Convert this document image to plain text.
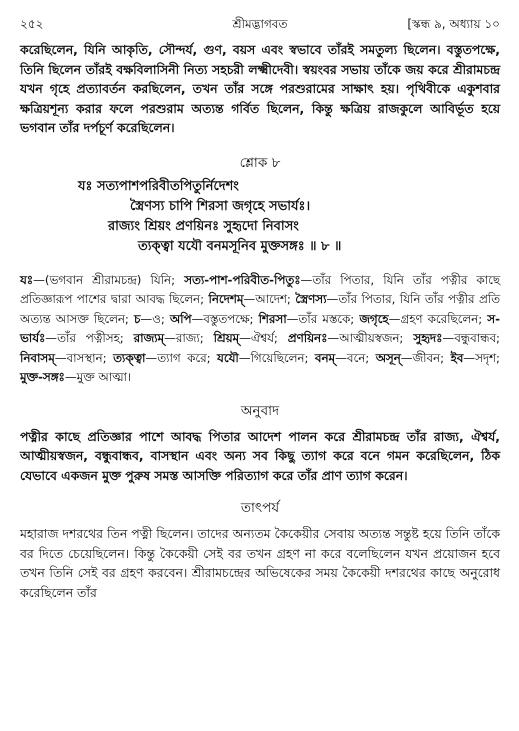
২৫২	শ্রীমদ্ভাগবত	[স্কন্ধ ৯, অধ্যায় ১০

করেছিলেন, যিনি আকৃতি, সৌন্দর্য, গুণ, বয়স এবং স্বভাবে তাঁরই সমতুল্য ছিলেন। বস্তুতপক্ষে, তিনি ছিলেন তাঁরই বক্ষবিলাসিনী নিত্য সহচরী লক্ষ্মীদেবী। স্বয়ংবর সভায় তাঁকে জয় করে শ্রীরামচন্দ্র যখন গৃহে প্রত্যাবর্তন করছিলেন, তখন তাঁর সঙ্গে পরশুরামের সাক্ষাৎ হয়। পৃথিবীকে একুশবার ক্ষত্রিয়শূন্য করার ফলে পরশুরাম অত্যন্ত গর্বিত ছিলেন, কিন্তু ক্ষত্রিয় রাজকুলে আবির্ভূত হয়ে ভগবান তাঁর দর্পচূর্ণ করেছিলেন।

শ্লোক ৮

যঃ সত্যপাশপরিবীতপিতুর্নিদেশং
স্ত্রৈণস্য চাপি শিরসা জগৃহে সভার্যঃ।
রাজ্যং শ্রিয়ং প্রণয়িনঃ সুহৃদো নিবাসং
ত্যক্ত্বা যযৌ বনমসূনিব মুক্তসঙ্গঃ ॥ ৮ ॥

যঃ—(ভগবান শ্রীরামচন্দ্র) যিনি; সত্য-পাশ-পরিবীত-পিতুঃ—তাঁর পিতার, যিনি তাঁর পত্নীর কাছে প্রতিজ্ঞারূপ পাশের দ্বারা আবদ্ধ ছিলেন; নিদেশম্—আদেশ; স্ত্রৈণস্য—তাঁর পিতার, যিনি তাঁর পত্নীর প্রতি অত্যন্ত আসক্ত ছিলেন; চ—ও; অপি—বস্তুতপক্ষে; শিরসা—তাঁর মস্তকে; জগৃহে—গ্রহণ করেছিলেন; স-ভার্যঃ—তাঁর পত্নীসহ; রাজ্যম্—রাজ্য; শ্রিয়ম্—ঐশ্বর্য; প্রণয়িনঃ—আত্মীয়স্বজন; সুহৃদঃ—বন্ধুবান্ধব; নিবাসম্—বাসস্থান; ত্যক্ত্বা—ত্যাগ করে; যযৌ—গিয়েছিলেন; বনম্—বনে; অসূন্—জীবন; ইব—সদৃশ; মুক্ত-সঙ্গঃ—মুক্ত আত্মা।

অনুবাদ

পত্নীর কাছে প্রতিজ্ঞার পাশে আবদ্ধ পিতার আদেশ পালন করে শ্রীরামচন্দ্র তাঁর রাজ্য, ঐশ্বর্য, আত্মীয়স্বজন, বন্ধুবান্ধব, বাসস্থান এবং অন্য সব কিছু ত্যাগ করে বনে গমন করেছিলেন, ঠিক যেভাবে একজন মুক্ত পুরুষ সমস্ত আসক্তি পরিত্যাগ করে তাঁর প্রাণ ত্যাগ করেন।

তাৎপর্য

মহারাজ দশরথের তিন পত্নী ছিলেন। তাদের অন্যতম কৈকেয়ীর সেবায় অত্যন্ত সন্তুষ্ট হয়ে তিনি তাঁকে বর দিতে চেয়েছিলেন। কিন্তু কৈকেয়ী সেই বর তখন গ্রহণ না করে বলেছিলেন যখন প্রয়োজন হবে তখন তিনি সেই বর গ্রহণ করবেন। শ্রীরামচন্দ্রের অভিষেকের সময় কৈকেয়ী দশরথের কাছে অনুরোধ করেছিলেন তাঁর
